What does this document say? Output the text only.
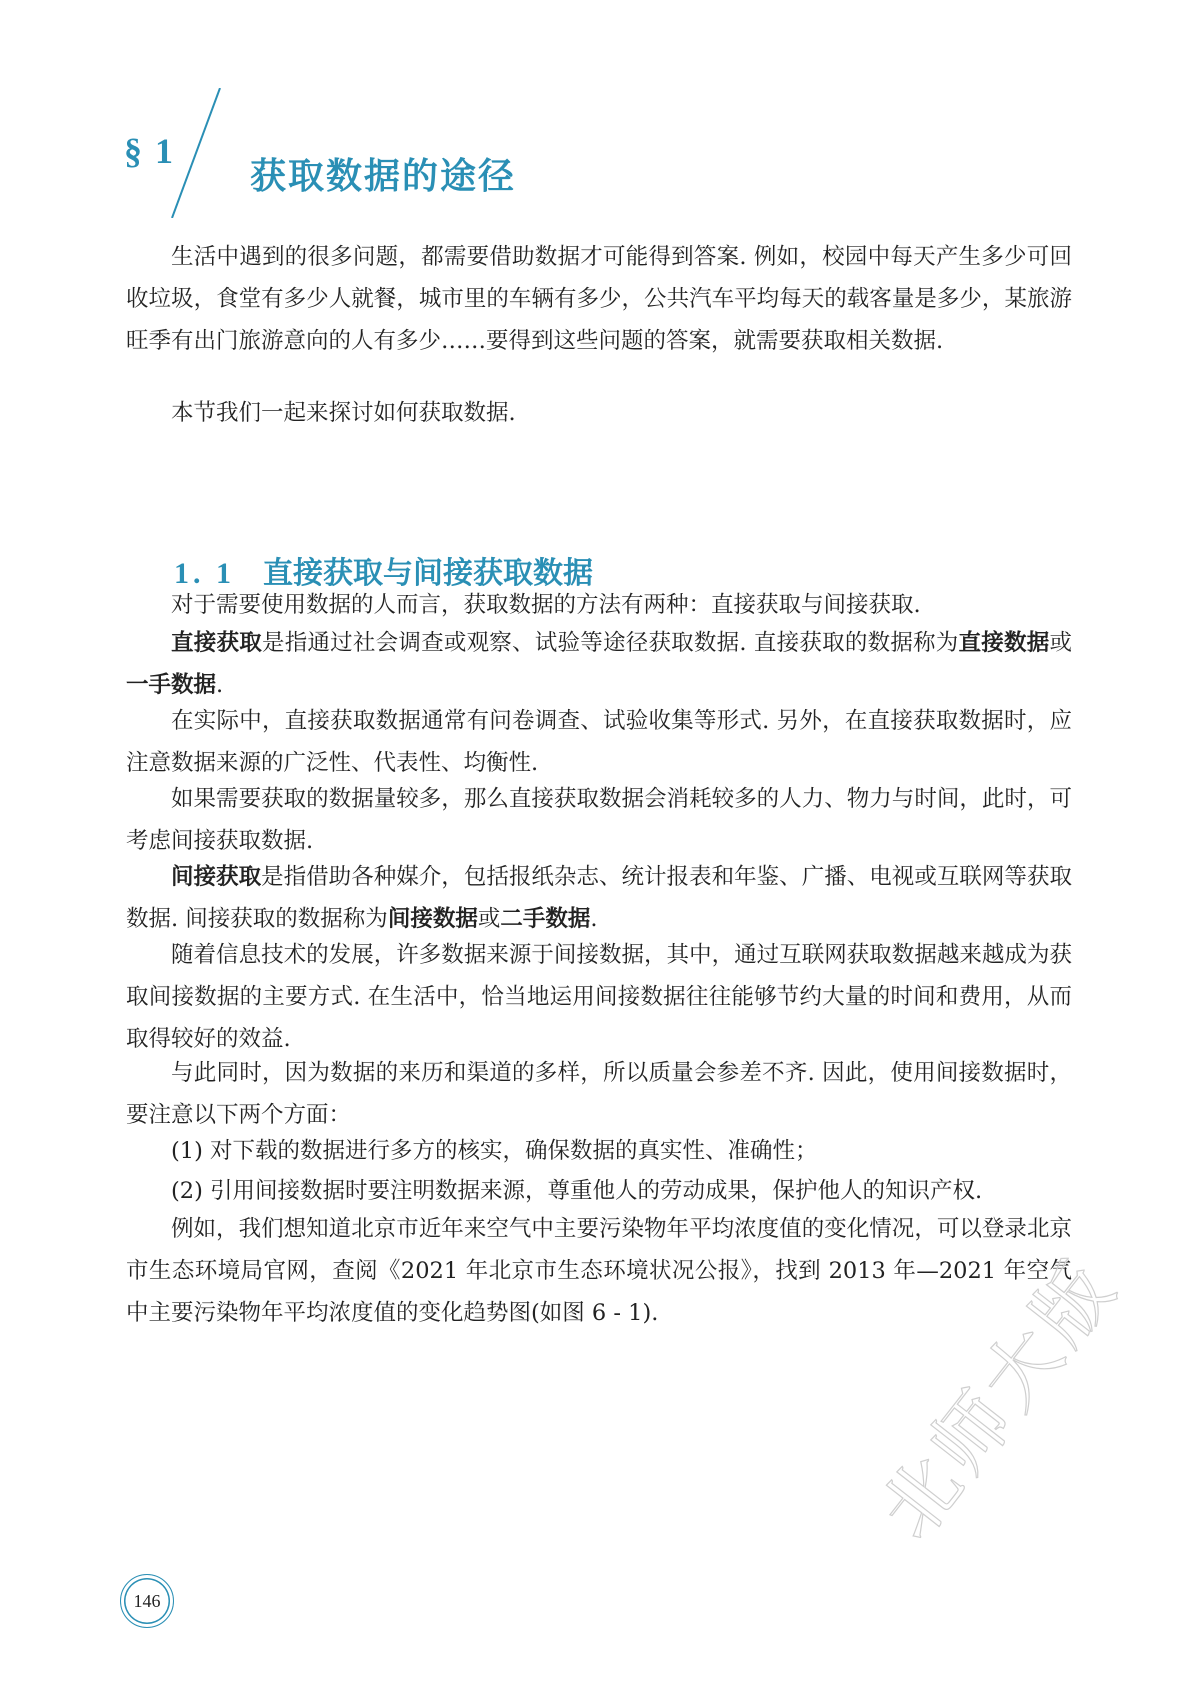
§ 1
获取数据的途径

生活中遇到的很多问题，都需要借助数据才可能得到答案. 例如，校园中每天产生多少可回收垃圾，食堂有多少人就餐，城市里的车辆有多少，公共汽车平均每天的载客量是多少，某旅游旺季有出门旅游意向的人有多少……要得到这些问题的答案，就需要获取相关数据.

本节我们一起来探讨如何获取数据.

1. 1 直接获取与间接获取数据

对于需要使用数据的人而言，获取数据的方法有两种：直接获取与间接获取.

直接获取是指通过社会调查或观察、试验等途径获取数据. 直接获取的数据称为直接数据或一手数据.

在实际中，直接获取数据通常有问卷调查、试验收集等形式. 另外，在直接获取数据时，应注意数据来源的广泛性、代表性、均衡性.

如果需要获取的数据量较多，那么直接获取数据会消耗较多的人力、物力与时间，此时，可考虑间接获取数据.

间接获取是指借助各种媒介，包括报纸杂志、统计报表和年鉴、广播、电视或互联网等获取数据. 间接获取的数据称为间接数据或二手数据.

随着信息技术的发展，许多数据来源于间接数据，其中，通过互联网获取数据越来越成为获取间接数据的主要方式. 在生活中，恰当地运用间接数据往往能够节约大量的时间和费用，从而取得较好的效益.

与此同时，因为数据的来历和渠道的多样，所以质量会参差不齐. 因此，使用间接数据时，要注意以下两个方面：

(1) 对下载的数据进行多方的核实，确保数据的真实性、准确性；

(2) 引用间接数据时要注明数据来源，尊重他人的劳动成果，保护他人的知识产权.

例如，我们想知道北京市近年来空气中主要污染物年平均浓度值的变化情况，可以登录北京市生态环境局官网，查阅《2021 年北京市生态环境状况公报》，找到 2013 年—2021 年空气中主要污染物年平均浓度值的变化趋势图(如图 6 - 1).

146
北师大版
